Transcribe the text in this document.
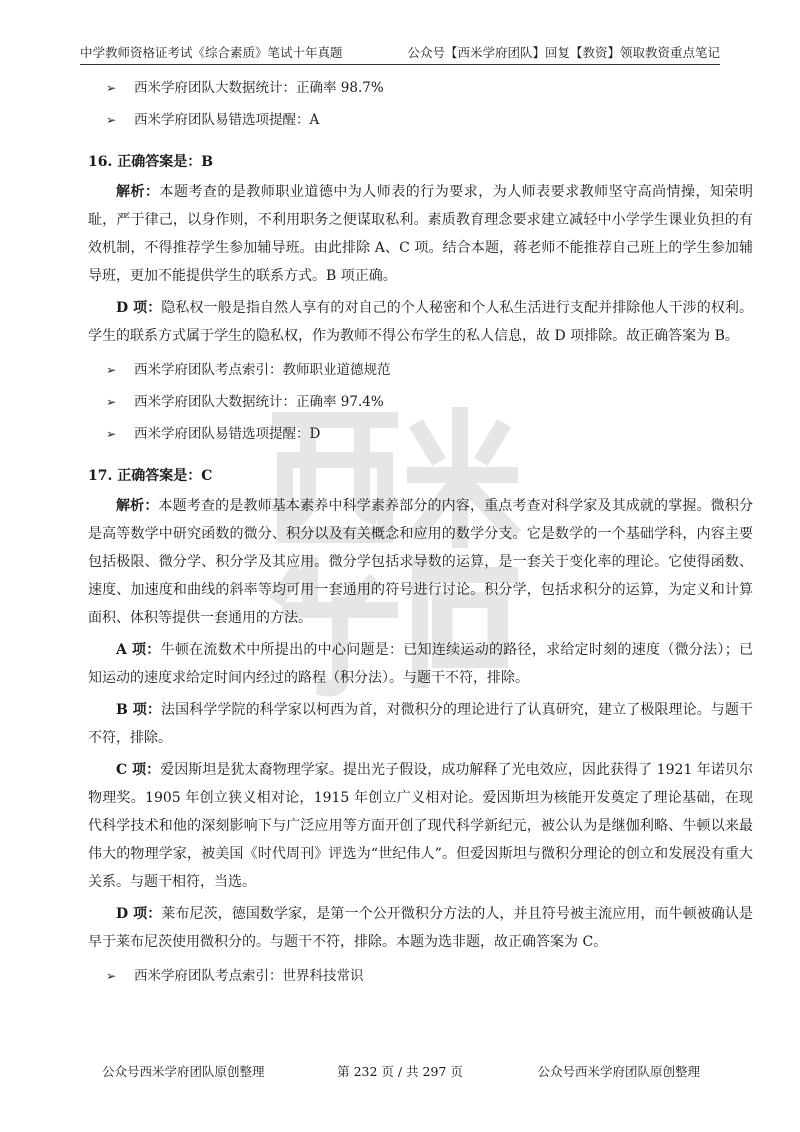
中学教师资格证考试《综合素质》笔试十年真题	公众号【西米学府团队】回复【教资】领取教资重点笔记
➢ 西米学府团队大数据统计：正确率 98.7%
➢ 西米学府团队易错选项提醒：A
16. 正确答案是：B

解析：本题考查的是教师职业道德中为人师表的行为要求，为人师表要求教师坚守高尚情操，知荣明耻，严于律己，以身作则，不利用职务之便谋取私利。素质教育理念要求建立减轻中小学学生课业负担的有效机制，不得推荐学生参加辅导班。由此排除 A、C 项。结合本题，蒋老师不能推荐自己班上的学生参加辅导班，更加不能提供学生的联系方式。B 项正确。

D 项：隐私权一般是指自然人享有的对自己的个人秘密和个人私生活进行支配并排除他人干涉的权利。学生的联系方式属于学生的隐私权，作为教师不得公布学生的私人信息，故 D 项排除。故正确答案为 B。

➢ 西米学府团队考点索引：教师职业道德规范
➢ 西米学府团队大数据统计：正确率 97.4%
➢ 西米学府团队易错选项提醒：D
17. 正确答案是：C

解析：本题考查的是教师基本素养中科学素养部分的内容，重点考查对科学家及其成就的掌握。微积分是高等数学中研究函数的微分、积分以及有关概念和应用的数学分支。它是数学的一个基础学科，内容主要包括极限、微分学、积分学及其应用。微分学包括求导数的运算，是一套关于变化率的理论。它使得函数、速度、加速度和曲线的斜率等均可用一套通用的符号进行讨论。积分学，包括求积分的运算，为定义和计算面积、体积等提供一套通用的方法。

A 项：牛顿在流数术中所提出的中心问题是：已知连续运动的路径，求给定时刻的速度（微分法）；已知运动的速度求给定时间内经过的路程（积分法）。与题干不符，排除。

B 项：法国科学学院的科学家以柯西为首，对微积分的理论进行了认真研究，建立了极限理论。与题干不符，排除。

C 项：爱因斯坦是犹太裔物理学家。提出光子假设，成功解释了光电效应，因此获得了 1921 年诺贝尔物理奖。1905 年创立狭义相对论，1915 年创立广义相对论。爱因斯坦为核能开发奠定了理论基础，在现代科学技术和他的深刻影响下与广泛应用等方面开创了现代科学新纪元，被公认为是继伽利略、牛顿以来最伟大的物理学家，被美国《时代周刊》评选为“世纪伟人”。但爱因斯坦与微积分理论的创立和发展没有重大关系。与题干相符，当选。

D 项：莱布尼茨，德国数学家，是第一个公开微积分方法的人，并且符号被主流应用，而牛顿被确认是早于莱布尼茨使用微积分的。与题干不符，排除。本题为选非题，故正确答案为 C。

➢ 西米学府团队考点索引：世界科技常识
公众号西米学府团队原创整理	第 232 页 / 共 297 页	公众号西米学府团队原创整理
